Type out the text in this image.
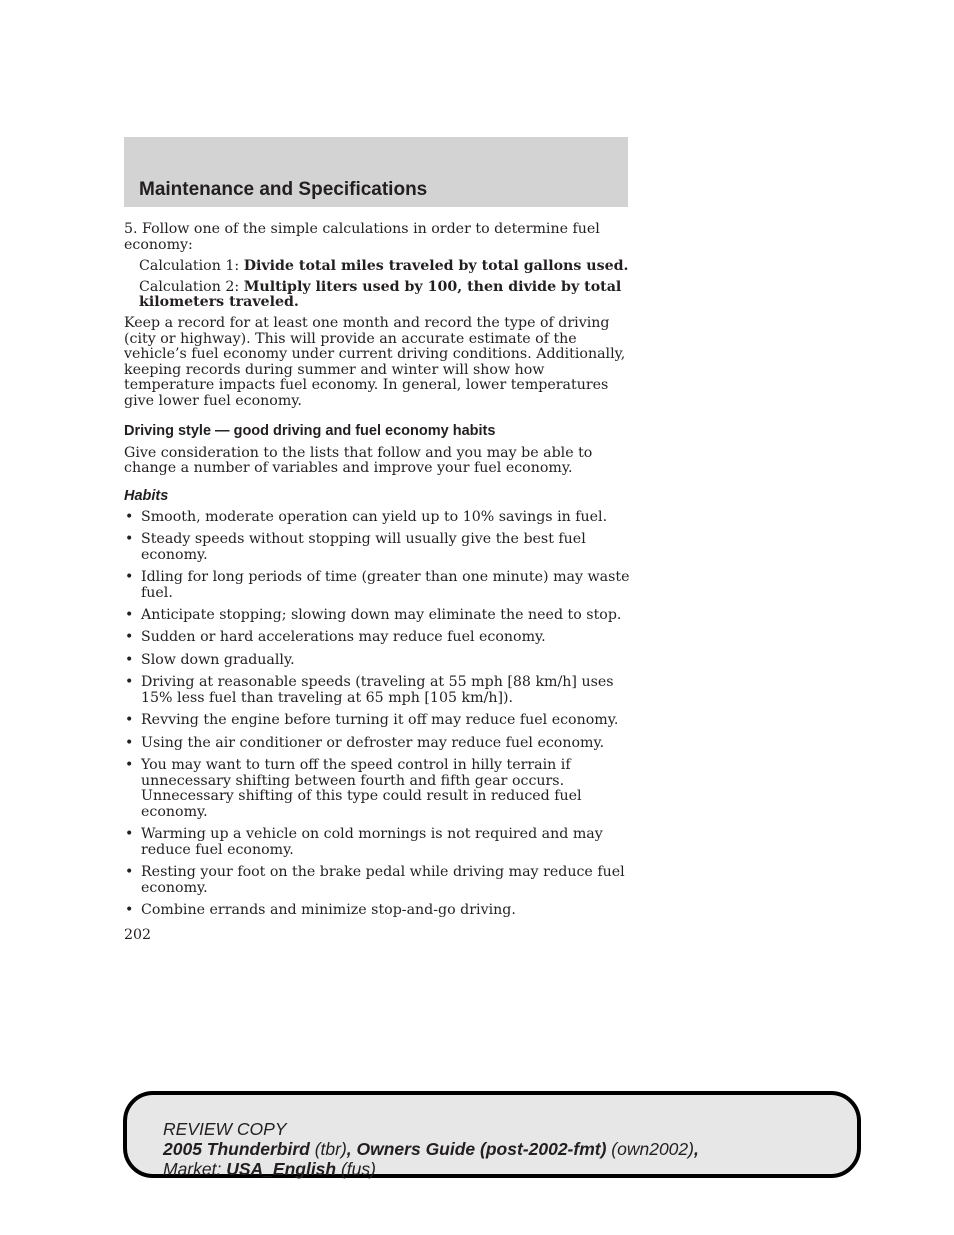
Maintenance and Specifications

5. Follow one of the simple calculations in order to determine fuel economy:

Calculation 1: Divide total miles traveled by total gallons used.

Calculation 2: Multiply liters used by 100, then divide by total kilometers traveled.

Keep a record for at least one month and record the type of driving (city or highway). This will provide an accurate estimate of the vehicle’s fuel economy under current driving conditions. Additionally, keeping records during summer and winter will show how temperature impacts fuel economy. In general, lower temperatures give lower fuel economy.

Driving style — good driving and fuel economy habits

Give consideration to the lists that follow and you may be able to change a number of variables and improve your fuel economy.

Habits
• Smooth, moderate operation can yield up to 10% savings in fuel.
• Steady speeds without stopping will usually give the best fuel economy.
• Idling for long periods of time (greater than one minute) may waste fuel.
• Anticipate stopping; slowing down may eliminate the need to stop.
• Sudden or hard accelerations may reduce fuel economy.
• Slow down gradually.
• Driving at reasonable speeds (traveling at 55 mph [88 km/h] uses 15% less fuel than traveling at 65 mph [105 km/h]).
• Revving the engine before turning it off may reduce fuel economy.
• Using the air conditioner or defroster may reduce fuel economy.
• You may want to turn off the speed control in hilly terrain if unnecessary shifting between fourth and fifth gear occurs. Unnecessary shifting of this type could result in reduced fuel economy.
• Warming up a vehicle on cold mornings is not required and may reduce fuel economy.
• Resting your foot on the brake pedal while driving may reduce fuel economy.
• Combine errands and minimize stop-and-go driving.

202

REVIEW COPY
2005 Thunderbird (tbr), Owners Guide (post-2002-fmt) (own2002),
Market: USA_English (fus)
